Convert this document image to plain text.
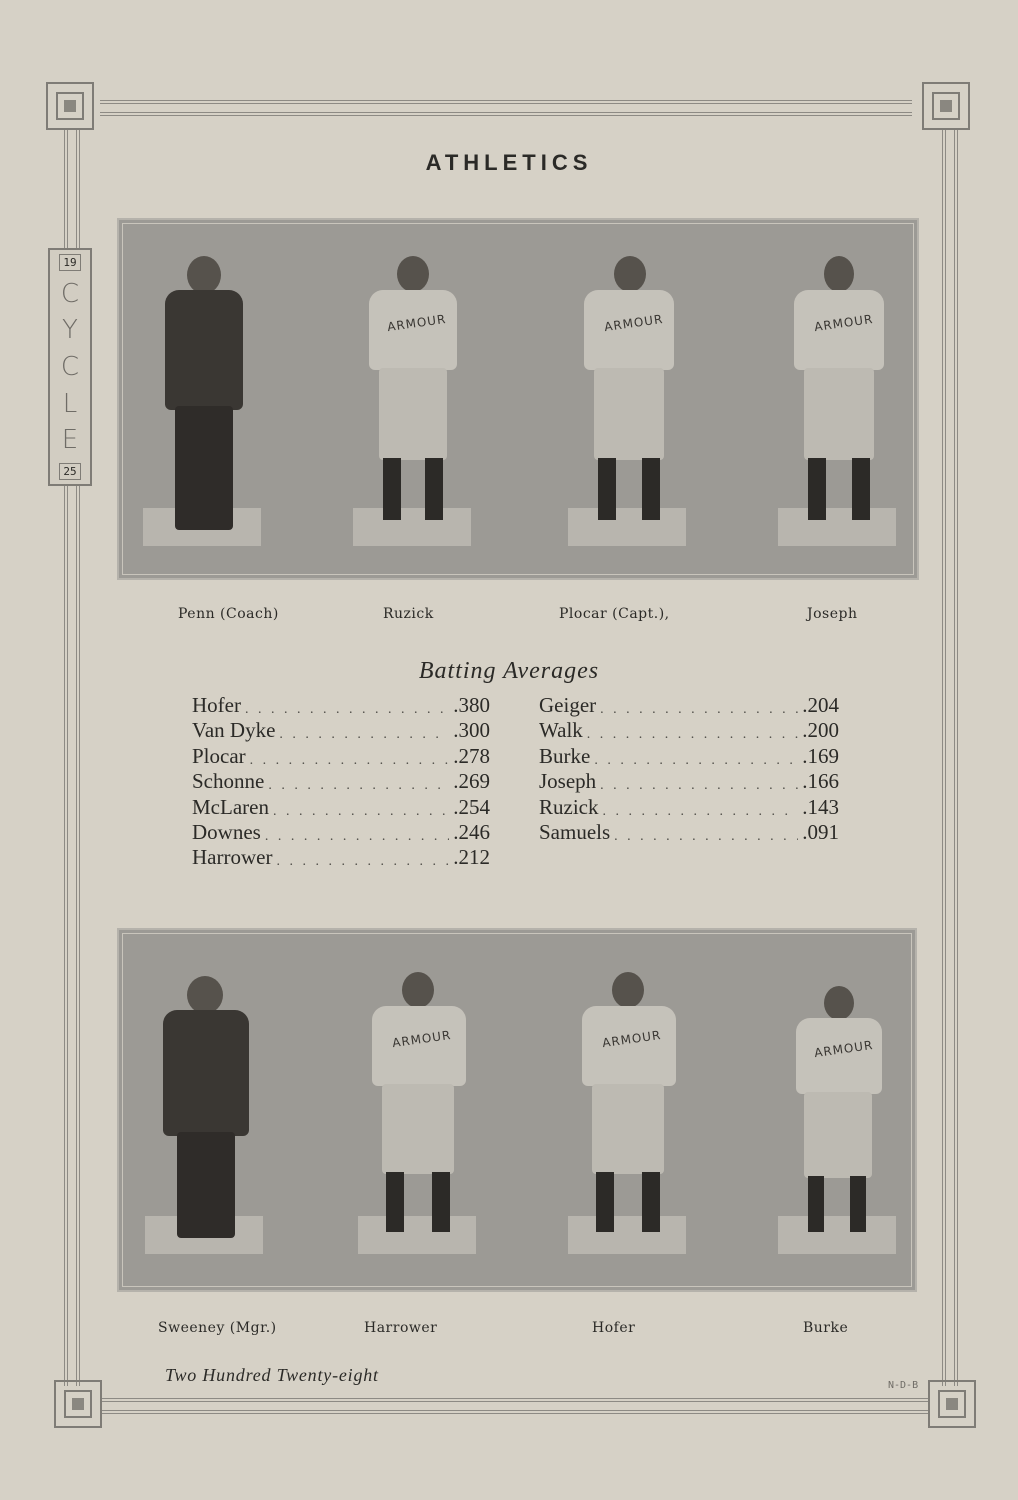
19
C
Y
C
L
E
25
ATHLETICS
ARMOUR	ARMOUR	ARMOUR
Penn (Coach)	Ruzick	Plocar (Capt.),	Joseph
Batting Averages
Hofer . . .	.380
Van Dyke . . .	.300
Plocar . . .	.278
Schonne . . .	.269
McLaren . . .	.254
Downes . . .	.246
Harrower . . .	.212
Geiger . . .	.204
Walk . . .	.200
Burke . . .	.169
Joseph . . .	.166
Ruzick . . .	.143
Samuels . . .	.091
ARMOUR	ARMOUR	ARMOUR
Sweeney (Mgr.)	Harrower	Hofer	Burke
Two Hundred Twenty-eight
N-D-B
